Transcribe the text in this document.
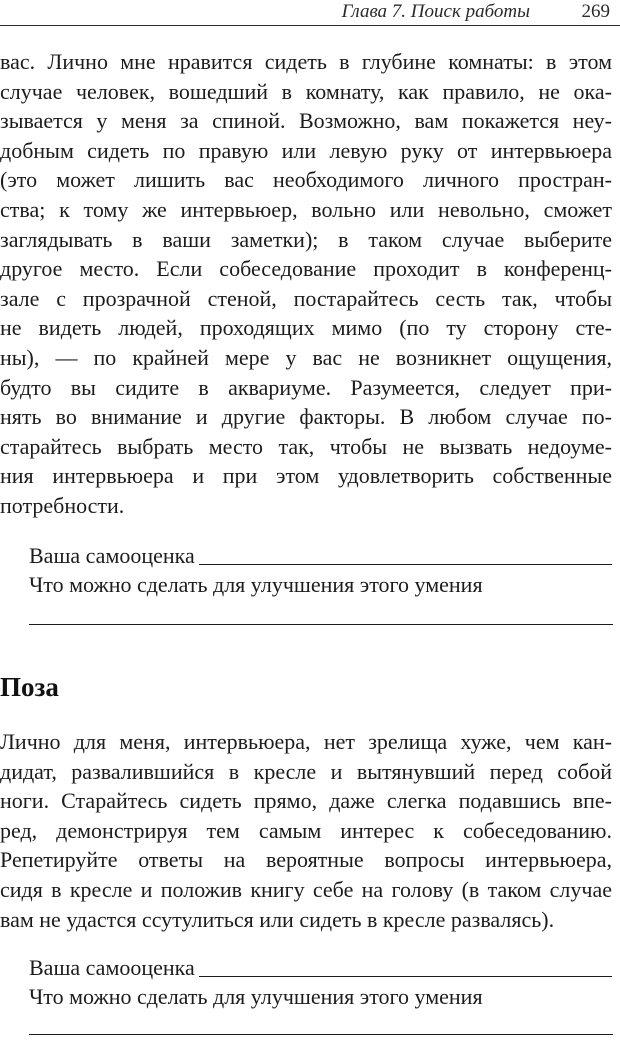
Глава 7. Поиск работы	269
вас. Лично мне нравится сидеть в глубине комнаты: в этом
случае человек, вошедший в комнату, как правило, не ока-
зывается у меня за спиной. Возможно, вам покажется неу-
добным сидеть по правую или левую руку от интервьюера
(это может лишить вас необходимого личного простран-
ства; к тому же интервьюер, вольно или невольно, сможет
заглядывать в ваши заметки); в таком случае выберите
другое место. Если собеседование проходит в конференц-
зале с прозрачной стеной, постарайтесь сесть так, чтобы
не видеть людей, проходящих мимо (по ту сторону сте-
ны), — по крайней мере у вас не возникнет ощущения,
будто вы сидите в аквариуме. Разумеется, следует при-
нять во внимание и другие факторы. В любом случае по-
старайтесь выбрать место так, чтобы не вызвать недоуме-
ния интервьюера и при этом удовлетворить собственные
потребности.
Ваша самооценка
Что можно сделать для улучшения этого умения
Поза
Лично для меня, интервьюера, нет зрелища хуже, чем кан-
дидат, развалившийся в кресле и вытянувший перед собой
ноги. Старайтесь сидеть прямо, даже слегка подавшись впе-
ред, демонстрируя тем самым интерес к собеседованию.
Репетируйте ответы на вероятные вопросы интервьюера,
сидя в кресле и положив книгу себе на голову (в таком случае
вам не удастся ссутулиться или сидеть в кресле развалясь).
Ваша самооценка
Что можно сделать для улучшения этого умения
